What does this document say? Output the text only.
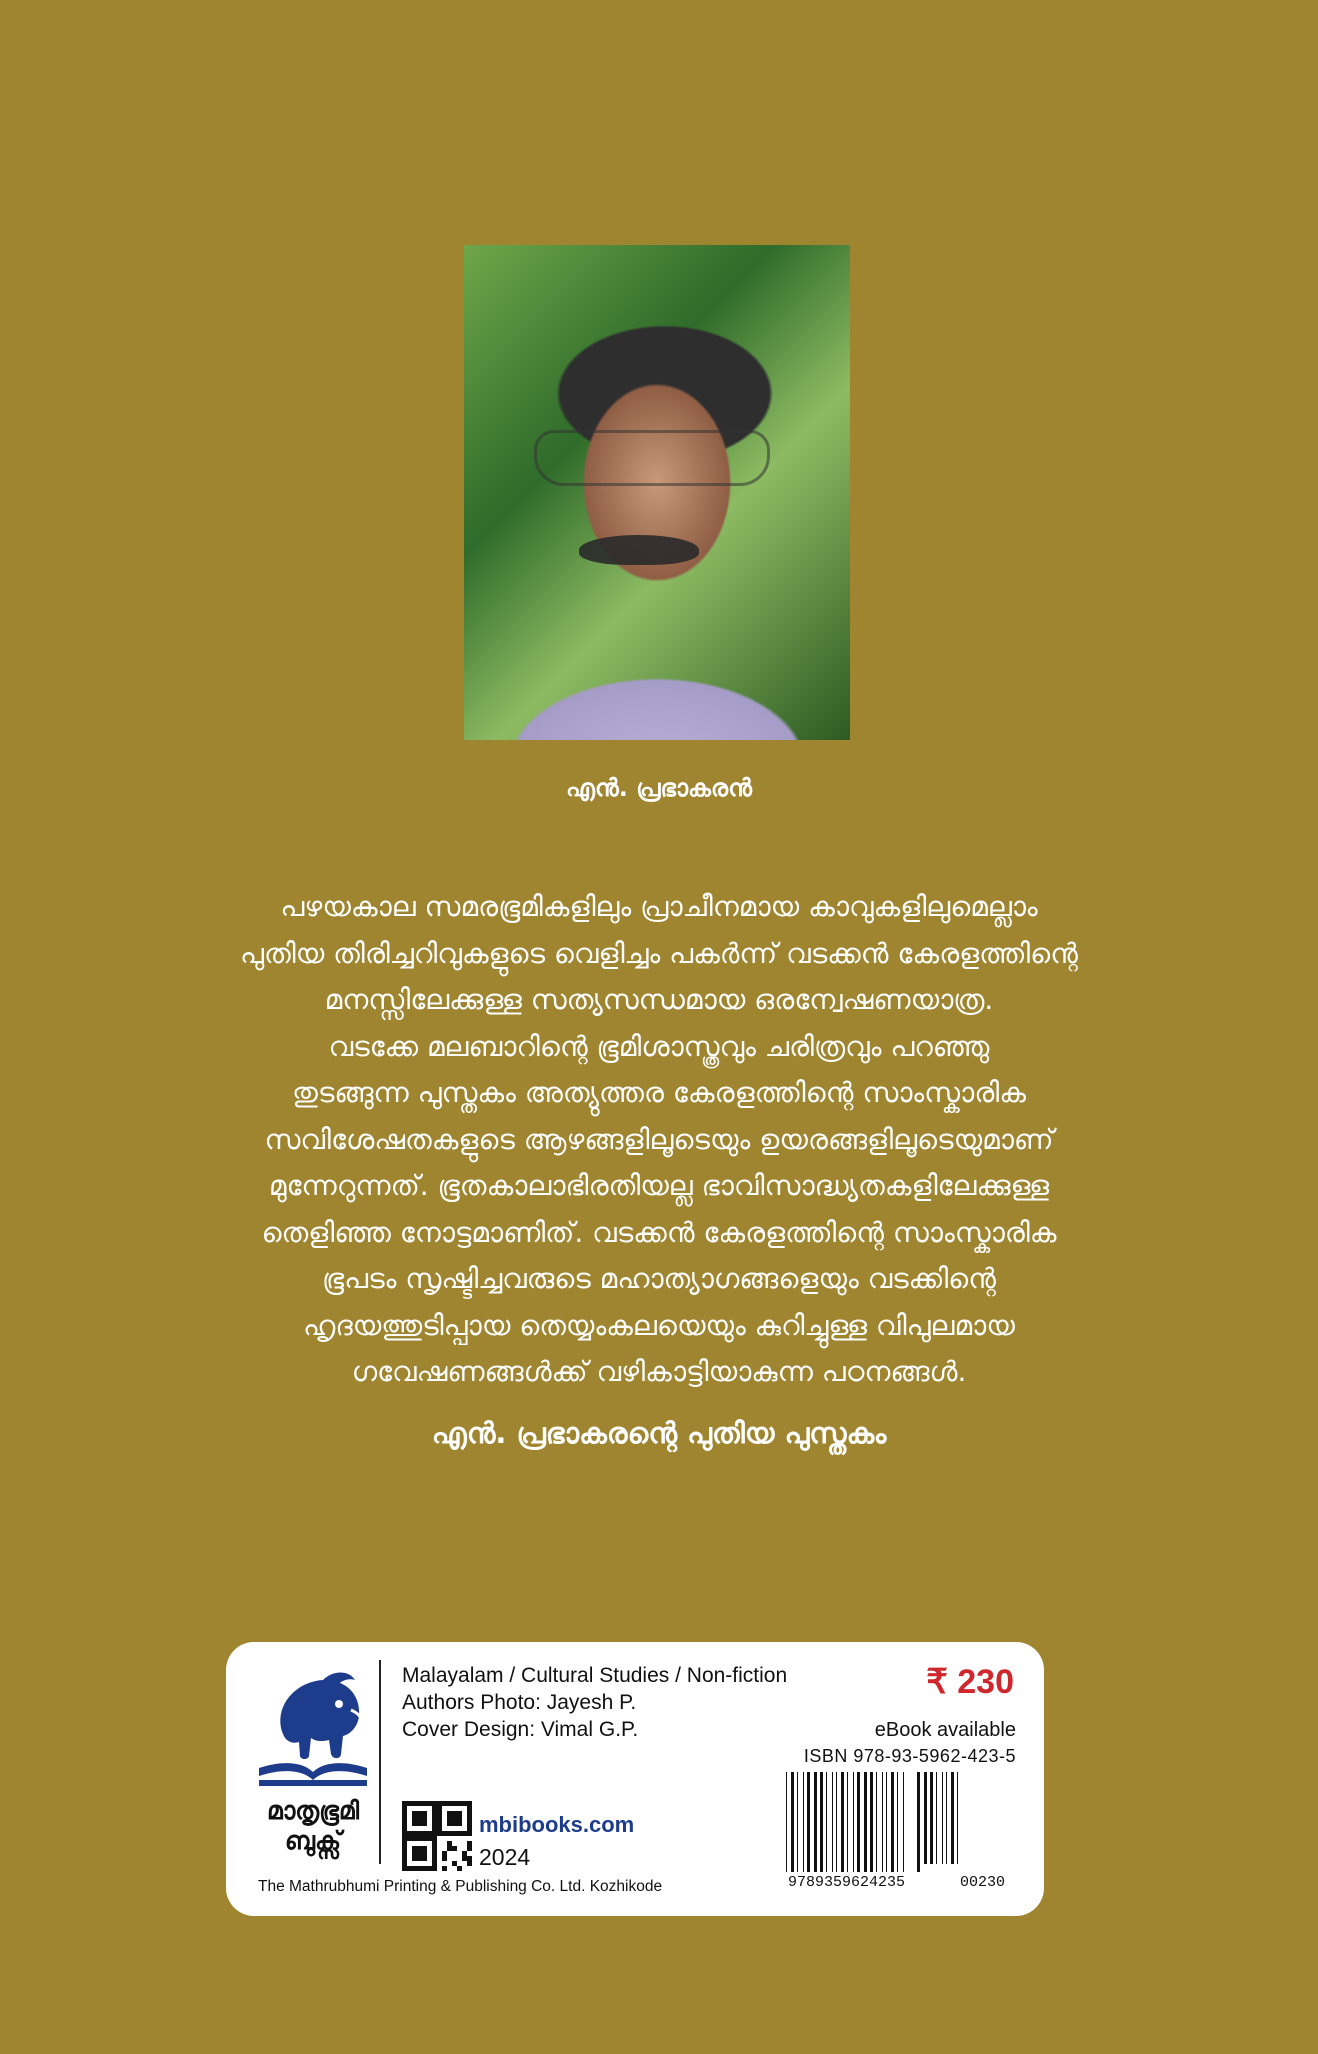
എൻ. പ്രഭാകരൻ
പഴയകാല സമരഭൂമികളിലും പ്രാചീനമായ കാവുകളിലുമെല്ലാം
പുതിയ തിരിച്ചറിവുകളുടെ വെളിച്ചം പകർന്ന് വടക്കൻ കേരളത്തിന്റെ
മനസ്സിലേക്കുള്ള സത്യസന്ധമായ ഒരന്വേഷണയാത്ര.
വടക്കേ മലബാറിന്റെ ഭൂമിശാസ്ത്രവും ചരിത്രവും പറഞ്ഞു
തുടങ്ങുന്ന പുസ്തകം അത്യുത്തര കേരളത്തിന്റെ സാംസ്കാരിക
സവിശേഷതകളുടെ ആഴങ്ങളിലൂടെയും ഉയരങ്ങളിലൂടെയുമാണ്
മുന്നേറുന്നത്. ഭൂതകാലാഭിരതിയല്ല ഭാവിസാദ്ധ്യതകളിലേക്കുള്ള
തെളിഞ്ഞ നോട്ടമാണിത്. വടക്കൻ കേരളത്തിന്റെ സാംസ്കാരിക
ഭൂപടം സൃഷ്ടിച്ചവരുടെ മഹാത്യാഗങ്ങളെയും വടക്കിന്റെ
ഹൃദയത്തുടിപ്പായ തെയ്യംകലയെയും കുറിച്ചുള്ള വിപുലമായ
ഗവേഷണങ്ങൾക്ക് വഴികാട്ടിയാകുന്ന പഠനങ്ങൾ.
എൻ. പ്രഭാകരന്റെ പുതിയ പുസ്തകം
മാതൃഭൂമി
ബുക്സ്
Malayalam / Cultural Studies / Non-fiction
Authors Photo: Jayesh P.
Cover Design: Vimal G.P.
₹ 230
eBook available
ISBN 978-93-5962-423-5
9789359624235	00230
mbibooks.com
2024
The Mathrubhumi Printing & Publishing Co. Ltd. Kozhikode
